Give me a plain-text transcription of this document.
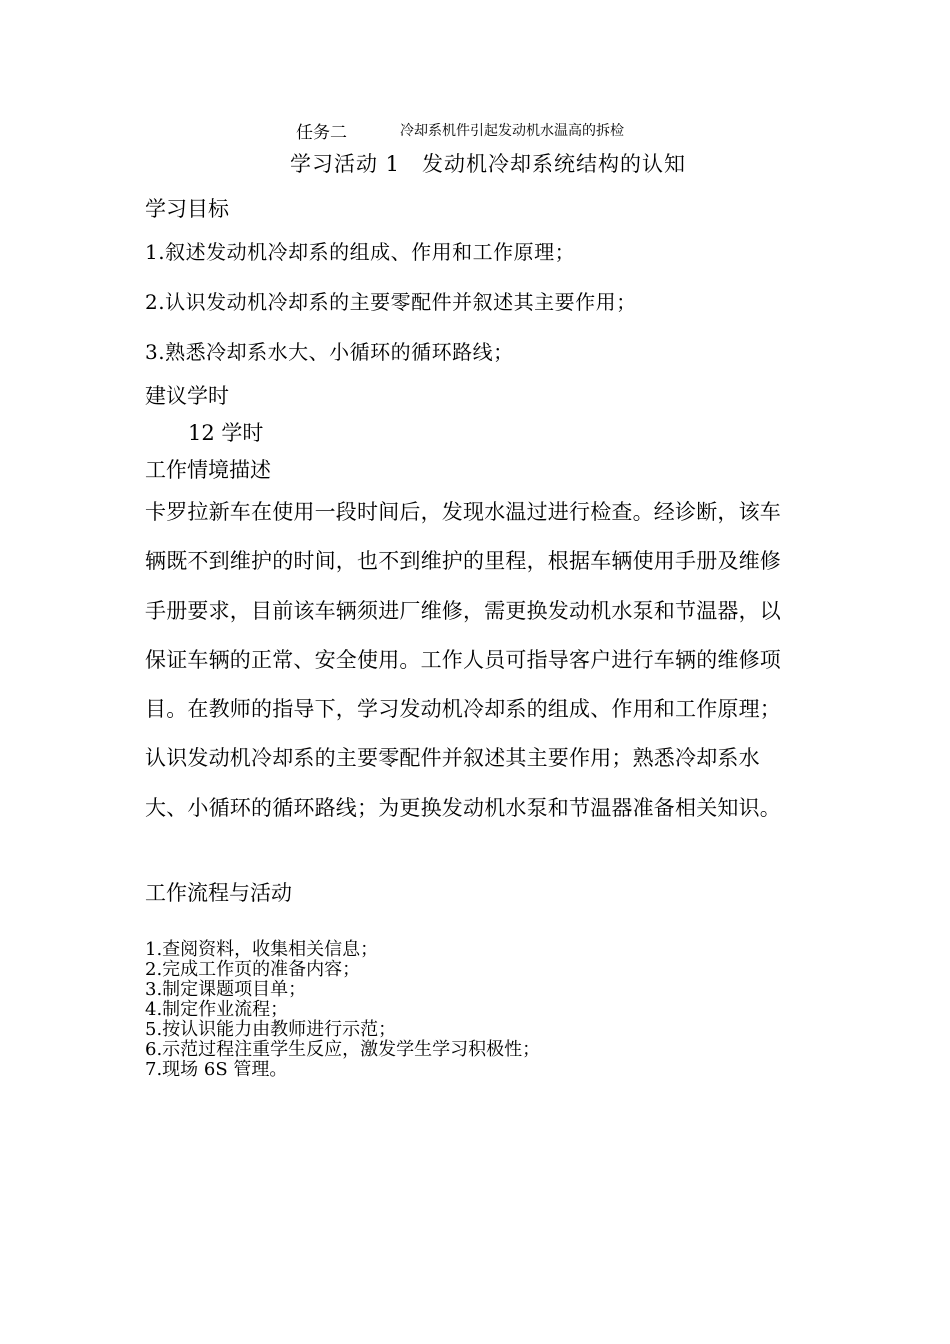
任务二	冷却系机件引起发动机水温高的拆检
学习活动 1　发动机冷却系统结构的认知
学习目标
1.叙述发动机冷却系的组成、作用和工作原理；
2.认识发动机冷却系的主要零配件并叙述其主要作用；
3.熟悉冷却系水大、小循环的循环路线；
建议学时
12 学时
工作情境描述
卡罗拉新车在使用一段时间后，发现水温过进行检查。经诊断，该车
辆既不到维护的时间，也不到维护的里程，根据车辆使用手册及维修
手册要求，目前该车辆须进厂维修，需更换发动机水泵和节温器，以
保证车辆的正常、安全使用。工作人员可指导客户进行车辆的维修项
目。在教师的指导下，学习发动机冷却系的组成、作用和工作原理；
认识发动机冷却系的主要零配件并叙述其主要作用；熟悉冷却系水
大、小循环的循环路线；为更换发动机水泵和节温器准备相关知识。
工作流程与活动
1.查阅资料，收集相关信息；
2.完成工作页的准备内容；
3.制定课题项目单；
4.制定作业流程；
5.按认识能力由教师进行示范；
6.示范过程注重学生反应，激发学生学习积极性；
7.现场 6S 管理。
